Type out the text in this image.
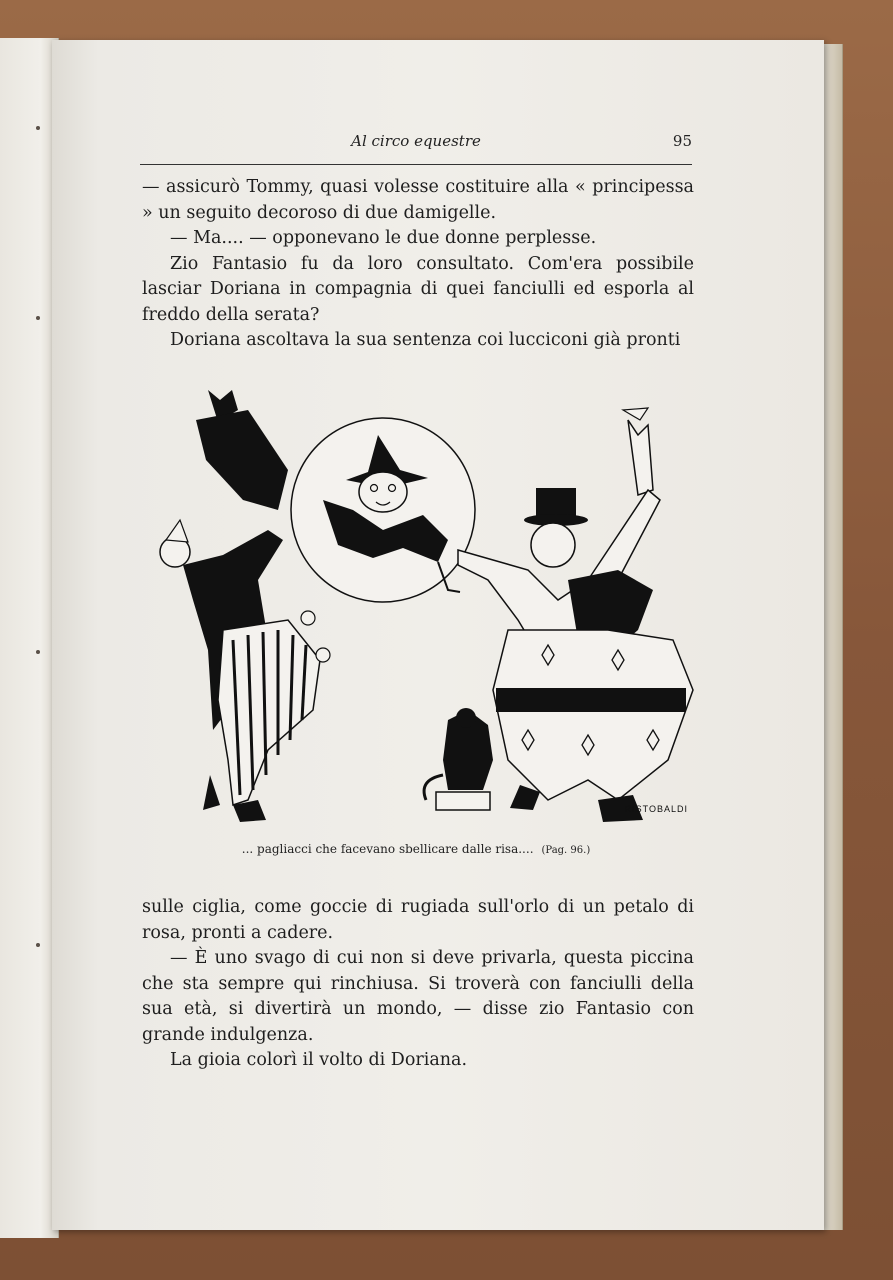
Al circo equestre	95

— assicurò Tommy, quasi volesse costituire alla « principessa » un seguito decoroso di due damigelle.

— Ma.... — opponevano le due donne perplesse.

Zio Fantasio fu da loro consultato. Com'era possibile lasciar Doriana in compagnia di quei fanciulli ed esporla al freddo della serata?

Doriana ascoltava la sua sentenza coi lucciconi già pronti

RISTOBALDI
... pagliacci che facevano sbellicare dalle risa.... (Pag. 96.)

sulle ciglia, come goccie di rugiada sull'orlo di un petalo di rosa, pronti a cadere.

— È uno svago di cui non si deve privarla, questa piccina che sta sempre qui rinchiusa. Si troverà con fanciulli della sua età, si divertirà un mondo, — disse zio Fantasio con grande indulgenza.

La gioia colorì il volto di Doriana.
